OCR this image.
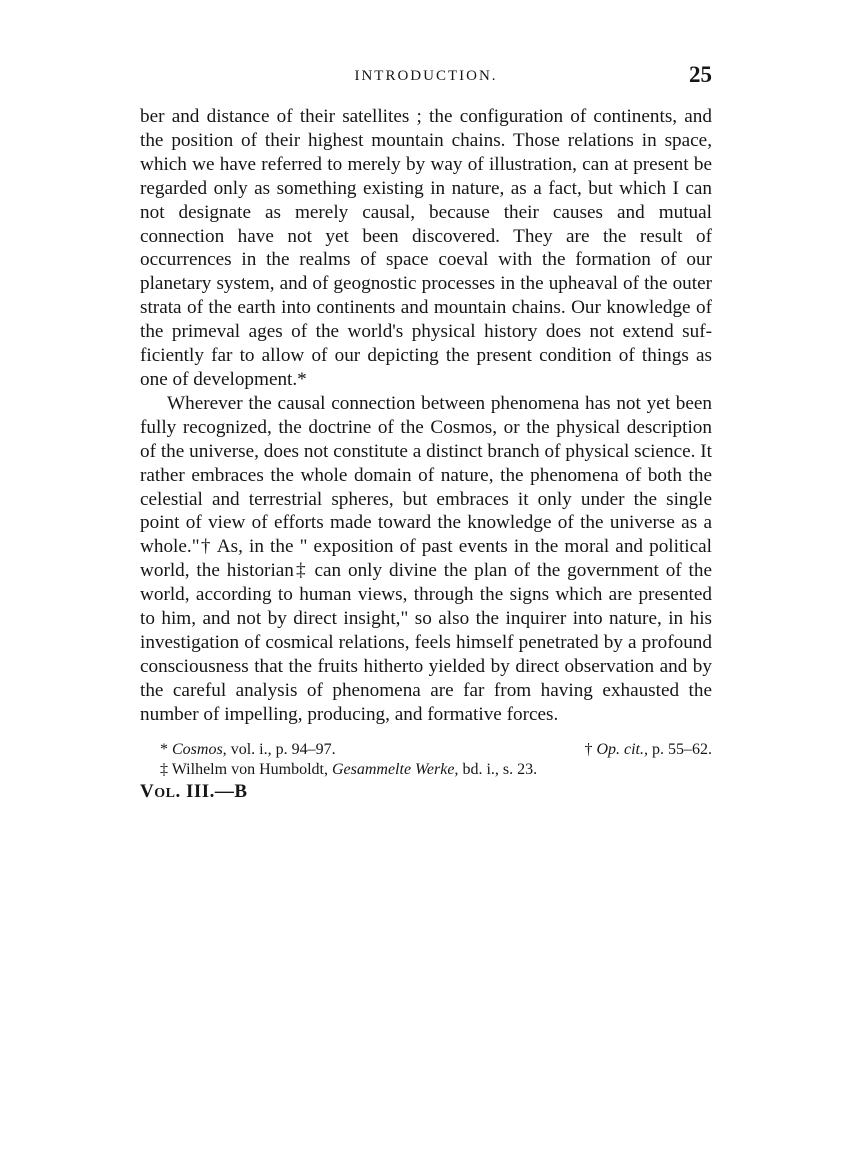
INTRODUCTION.	25

ber and distance of their satellites ; the configuration of continents, and the position of their highest mountain chains. Those relations in space, which we have referred to merely by way of illustration, can at present be regarded only as something existing in nature, as a fact, but which I can not designate as merely causal, because their causes and mutual connection have not yet been discovered. They are the result of occurrences in the realms of space coeval with the formation of our planetary system, and of geognostic processes in the upheaval of the outer strata of the earth into continents and mountain chains. Our knowledge of the primeval ages of the world's physical history does not extend sufficiently far to allow of our depicting the present condition of things as one of development.*

Wherever the causal connection between phenomena has not yet been fully recognized, the doctrine of the Cosmos, or the physical description of the universe, does not constitute a distinct branch of physical science. It rather embraces the whole domain of nature, the phenomena of both the celestial and terrestrial spheres, but embraces it only under the single point of view of efforts made toward the knowledge of the universe as a whole."† As, in the " exposition of past events in the moral and political world, the historian‡ can only divine the plan of the government of the world, according to human views, through the signs which are presented to him, and not by direct insight," so also the inquirer into nature, in his investigation of cosmical relations, feels himself penetrated by a profound consciousness that the fruits hitherto yielded by direct observation and by the careful analysis of phenomena are far from having exhausted the number of impelling, producing, and formative forces.

* Cosmos, vol. i., p. 94–97.	† Op. cit., p. 55–62.
‡ Wilhelm von Humboldt, Gesammelte Werke, bd. i., s. 23.
VOL. III.—B
